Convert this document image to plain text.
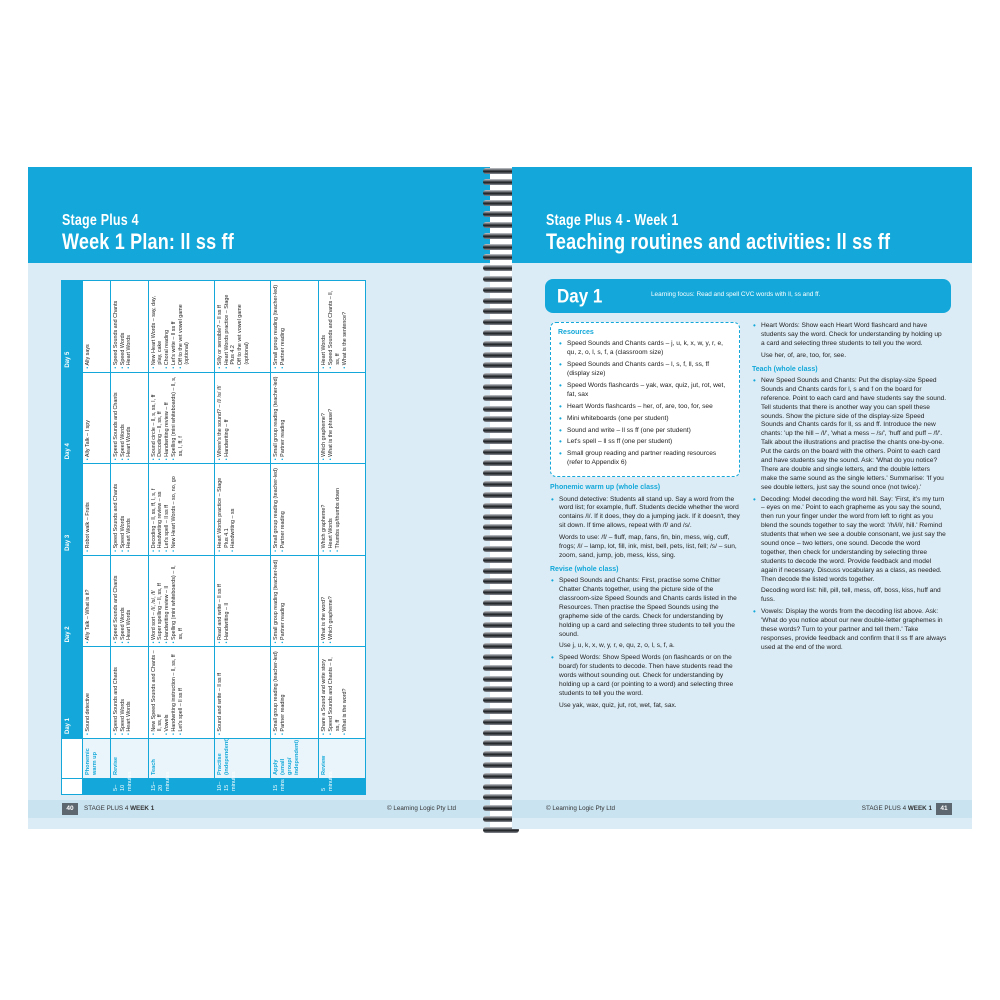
Stage Plus 4
Week 1 Plan: ll ss ff
		Day 1	Day 2	Day 3	Day 4	Day 5
	Phonemic warm up	• Sound detective	• Ally Talk – What is it?	• Robot walk – Fruits	• Ally Talk – I spy	• Ally says

5–10 minutes	Revise	• Speed Sounds and Chants • Speed Words • Heart Words	• Speed Sounds and Chants • Speed Words • Heart Words	• Speed Sounds and Chants • Speed Words • Heart Words	• Speed Sounds and Chants • Speed Words • Heart Words	• Speed Sounds and Chants • Speed Words • Heart Words

15–20 minutes	Teach	• New Speed Sounds and Chants – ll, ss, ff • Vowels • Handwriting instruction – ll, ss, ff • Let's spell – ll ss ff	• Word sort – /l/, /s/, /f/ • Super spelling – ll, ss, ff • Handwriting review – ll • Spelling (mini whiteboards) – ll, ss, ff	• Decoding – ll, ss, ff, l, s, f • Handwriting review – ss • Let's spell – ll ss ff • New Heart Words – so, no, go	• Sound circle – ll, s, ss, l, ff • Decoding – ll, ss, ff • Handwriting review – ff • Spelling (mini whiteboards) – ll, s, ss, l, ff, f	• New Heart Words – say, day, play, cake • Choral reading • Let's write – ll ss ff • Off to the vet vowel game (optional)

10–15 minutes	Practise (independent)	• Sound and write – ll ss ff	• Read and write – ll ss ff • Handwriting – ll	• Heart Words practice – Stage Plus 4.1 • Handwriting – ss	• Where's the sound? – /l/ /s/ /f/ • Handwriting – ff	• Silly or sensible? – ll ss ff • Heart Words practice – Stage Plus 4.2 • Off to the vet vowel game (optional)

15 mins	Apply (small group/ independent)	• Small group reading (teacher-led) • Partner reading	• Small group reading (teacher-led) • Partner reading	• Small group reading (teacher-led) • Partner reading	• Small group reading (teacher-led) • Partner reading	• Small group reading (teacher-led) • Partner reading

5 minutes	Review	• Share a Sound and write story • Speed Sounds and Chants – ll, ss, ff • What is the word?	• What is the word? • Which grapheme?	• Which grapheme? • Heart Words • Thumbs up/thumbs down	• Which grapheme? • What is the phrase?	• Heart Words • Speed Sounds and Chants – ll, ss, ff • What is the sentence?
40	STAGE PLUS 4 WEEK 1	© Learning Logic Pty Ltd
Stage Plus 4 - Week 1
Teaching routines and activities: ll ss ff
Day 1	Learning focus: Read and spell CVC words with ll, ss and ff.
Resources
• Speed Sounds and Chants cards – j, u, k, x, w, y, r, e, qu, z, o, l, s, f, a (classroom size)
• Speed Sounds and Chants cards – l, s, f, ll, ss, ff (display size)
• Speed Words flashcards – yak, wax, quiz, jut, rot, wet, fat, sax
• Heart Words flashcards – her, of, are, too, for, see
• Mini whiteboards (one per student)
• Sound and write – ll ss ff (one per student)
• Let's spell – ll ss ff (one per student)
• Small group reading and partner reading resources (refer to Appendix 6)
Phonemic warm up (whole class)
• Sound detective: Students all stand up. Say a word from the word list; for example, fluff. Students decide whether the word contains /l/. If it does, they do a jumping jack. If it doesn't, they sit down. If time allows, repeat with /f/ and /s/.
Words to use: /f/ – fluff, map, fans, fin, bin, mess, wig, cuff, frogs; /l/ – lamp, lot, fill, ink, mist, bell, pets, list, fell; /s/ – sun, zoom, sand, jump, job, mess, kiss, sing.
Revise (whole class)
• Speed Sounds and Chants: First, practise some Chitter Chatter Chants together, using the picture side of the classroom-size Speed Sounds and Chants cards listed in the Resources. Then practise the Speed Sounds using the grapheme side of the cards. Check for understanding by holding up a card and selecting three students to tell you the sound.
Use j, u, k, x, w, y, r, e, qu, z, o, l, s, f, a.
• Speed Words: Show Speed Words (on flashcards or on the board) for students to decode. Then have students read the words without sounding out. Check for understanding by holding up a card (or pointing to a word) and selecting three students to tell you the word.
Use yak, wax, quiz, jut, rot, wet, fat, sax.
• Heart Words: Show each Heart Word flashcard and have students say the word. Check for understanding by holding up a card and selecting three students to tell you the word.
Use her, of, are, too, for, see.
Teach (whole class)
• New Speed Sounds and Chants: Put the display-size Speed Sounds and Chants cards for l, s and f on the board for reference. Point to each card and have students say the sound. Tell students that there is another way you can spell these sounds. Show the picture side of the display-size Speed Sounds and Chants cards for ll, ss and ff. Introduce the new chants: 'up the hill – /l/', 'what a mess – /s/', 'huff and puff – /f/'. Talk about the illustrations and practise the chants one-by-one. Put the cards on the board with the others. Point to each card and have students say the sound. Ask: 'What do you notice? There are double and single letters, and the double letters make the same sound as the single letters.' Summarise: 'If you see double letters, just say the sound once (not twice).'
• Decoding: Model decoding the word hill. Say: 'First, it's my turn – eyes on me.' Point to each grapheme as you say the sound, then run your finger under the word from left to right as you blend the sounds together to say the word: '/h/i/l/, hill.' Remind students that when we see a double consonant, we just say the sound once – two letters, one sound. Decode the word together, then check for understanding by selecting three students to decode the word. Provide feedback and model again if necessary. Discuss vocabulary as a class, as needed. Then decode the listed words together.
Decoding word list: hill, pill, tell, mess, off, boss, kiss, huff and fuss.
• Vowels: Display the words from the decoding list above. Ask: 'What do you notice about our new double-letter graphemes in these words? Turn to your partner and tell them.' Take responses, provide feedback and confirm that ll ss ff are always used at the end of the word.
© Learning Logic Pty Ltd	STAGE PLUS 4 WEEK 1	41
